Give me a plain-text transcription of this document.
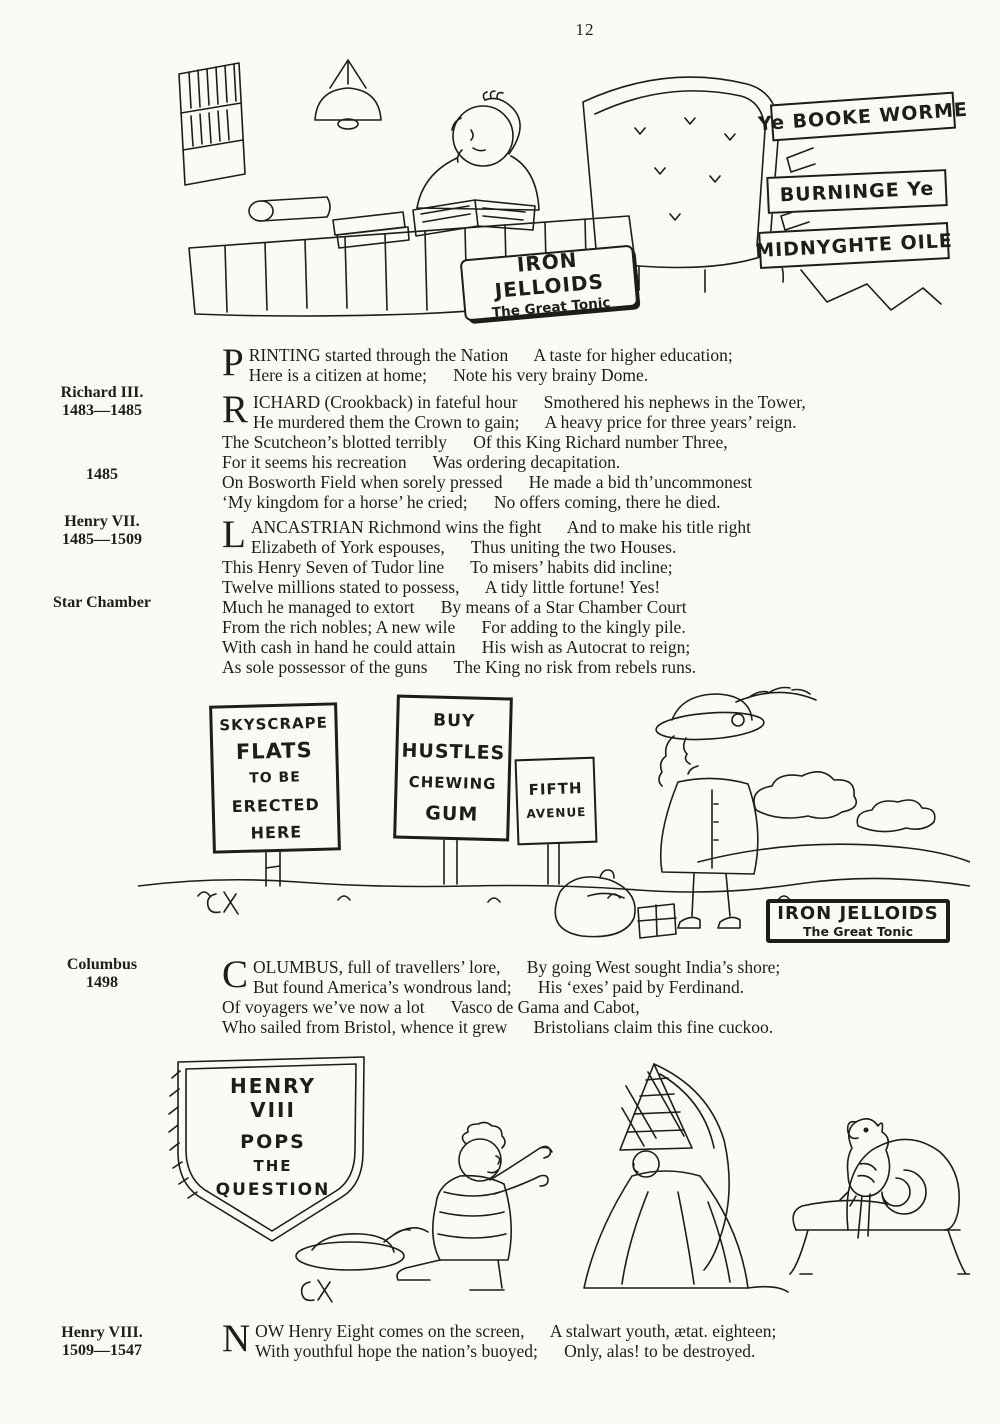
12
Ye BOOKE WORME
BURNINGE Ye
MIDNYGHTE OILE
IRON JELLOIDS
The Great Tonic
Richard III.
1483—1485
1485
Henry VII.
1485—1509
Star Chamber
Columbus
1498
Henry VIII.
1509—1547
P RINTING started through the Nation      A taste for higher education;
Here is a citizen at home;      Note his very brainy Dome.
R ICHARD (Crookback) in fateful hour      Smothered his nephews in the Tower,
He murdered them the Crown to gain;      A heavy price for three years’ reign.
The Scutcheon’s blotted terribly      Of this King Richard number Three,
For it seems his recreation      Was ordering decapitation.
On Bosworth Field when sorely pressed      He made a bid th’uncommonest
‘My kingdom for a horse’ he cried;      No offers coming, there he died.
L ANCASTRIAN Richmond wins the fight      And to make his title right
Elizabeth of York espouses,      Thus uniting the two Houses.
This Henry Seven of Tudor line      To misers’ habits did incline;
Twelve millions stated to possess,      A tidy little fortune! Yes!
Much he managed to extort      By means of a Star Chamber Court
From the rich nobles; A new wile      For adding to the kingly pile.
With cash in hand he could attain      His wish as Autocrat to reign;
As sole possessor of the guns      The King no risk from rebels runs.
C OLUMBUS, full of travellers’ lore,      By going West sought India’s shore;
But found America’s wondrous land;      His ‘exes’ paid by Ferdinand.
Of voyagers we’ve now a lot      Vasco de Gama and Cabot,
Who sailed from Bristol, whence it grew      Bristolians claim this fine cuckoo.
N OW Henry Eight comes on the screen,      A stalwart youth, ætat. eighteen;
With youthful hope the nation’s buoyed;      Only, alas! to be destroyed.
SKYSCRAPE
FLATS
TO BE
ERECTED
HERE
BUY
HUSTLES
CHEWING
GUM
FIFTH
AVENUE
IRON JELLOIDS
The Great Tonic
HENRY
VIII
POPS
THE
QUESTION
